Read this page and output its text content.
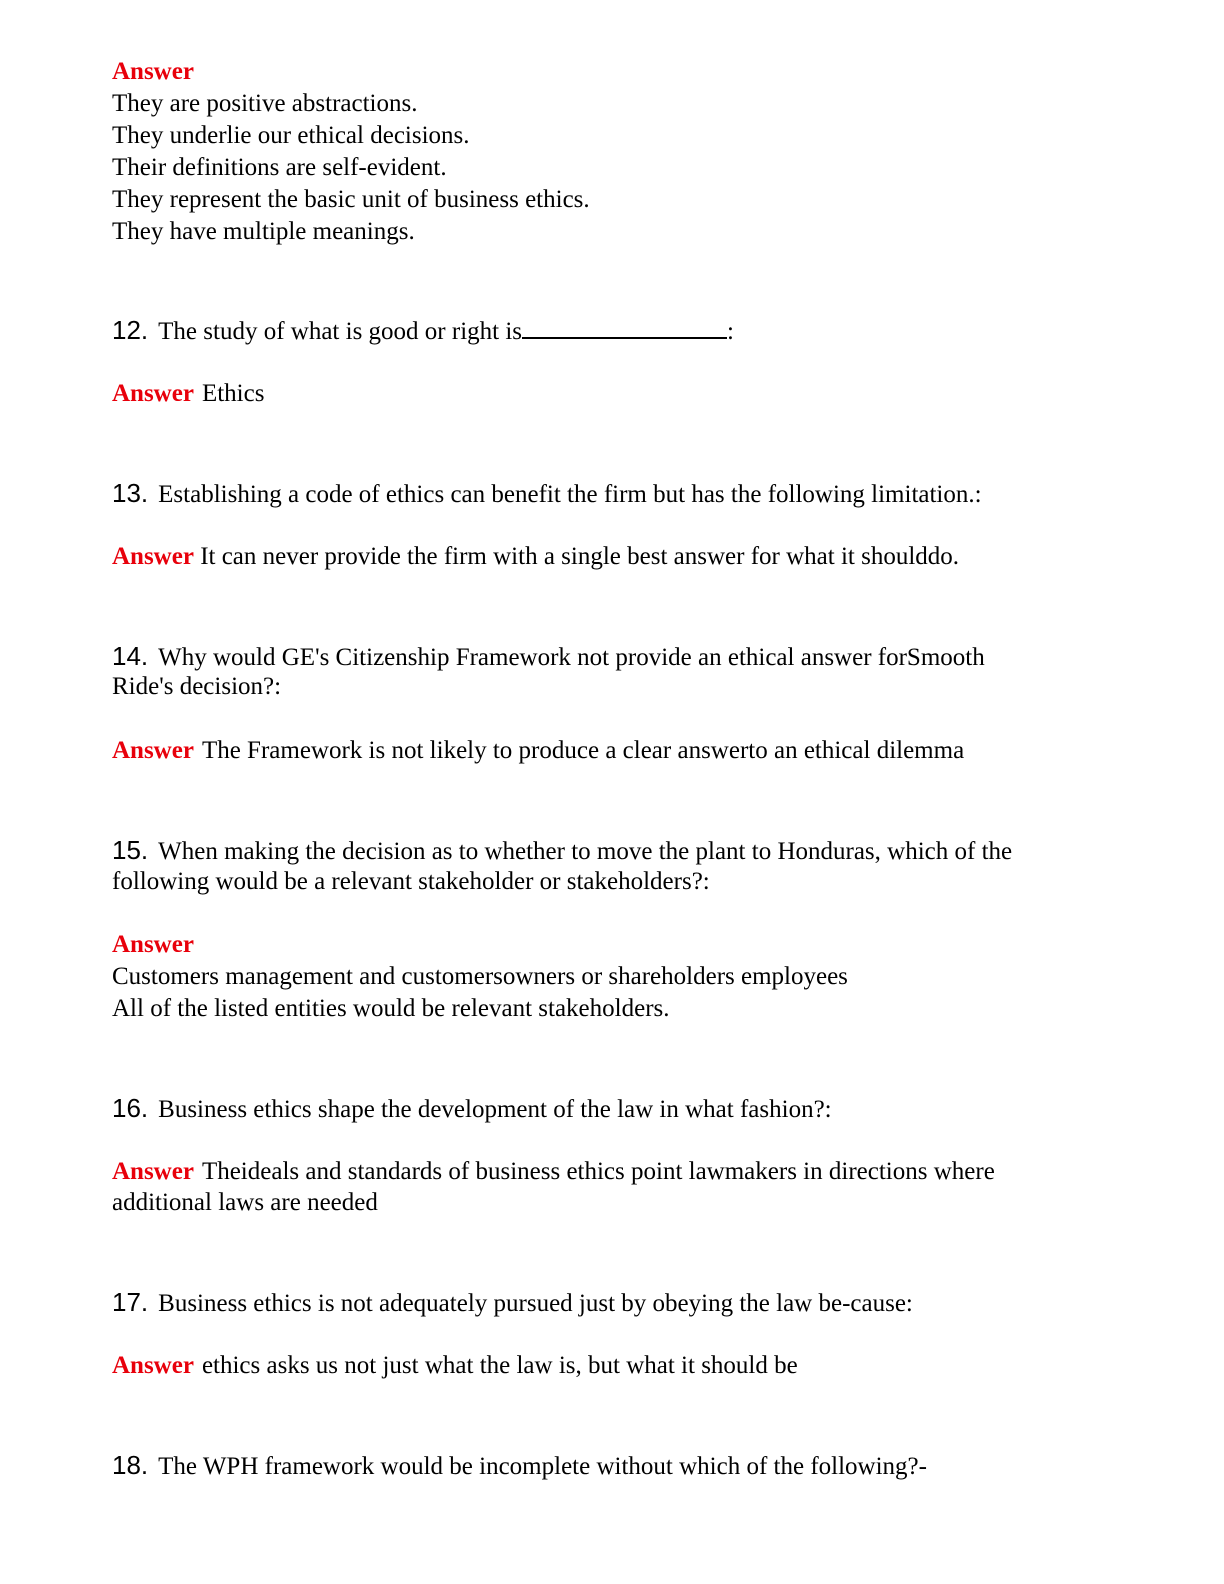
Answer
They are positive abstractions.
They underlie our ethical decisions.
Their definitions are self-evident.
They represent the basic unit of business ethics.
They have multiple meanings.
12. The study of what is good or right is	:
Answer Ethics
13. Establishing a code of ethics can benefit the firm but has the following limitation.:
Answer It can never provide the firm with a single best answer for what it shoulddo.
14. Why would GE's Citizenship Framework not provide an ethical answer forSmooth
Ride's decision?:
Answer The Framework is not likely to produce a clear answerto an ethical dilemma
15. When making the decision as to whether to move the plant to Honduras, which of the
following would be a relevant stakeholder or stakeholders?:
Answer
Customers management and customersowners or shareholders employees
All of the listed entities would be relevant stakeholders.
16. Business ethics shape the development of the law in what fashion?:
Answer Theideals and standards of business ethics point lawmakers in directions where
additional laws are needed
17. Business ethics is not adequately pursued just by obeying the law be-cause:
Answer ethics asks us not just what the law is, but what it should be
18. The WPH framework would be incomplete without which of the following?-
